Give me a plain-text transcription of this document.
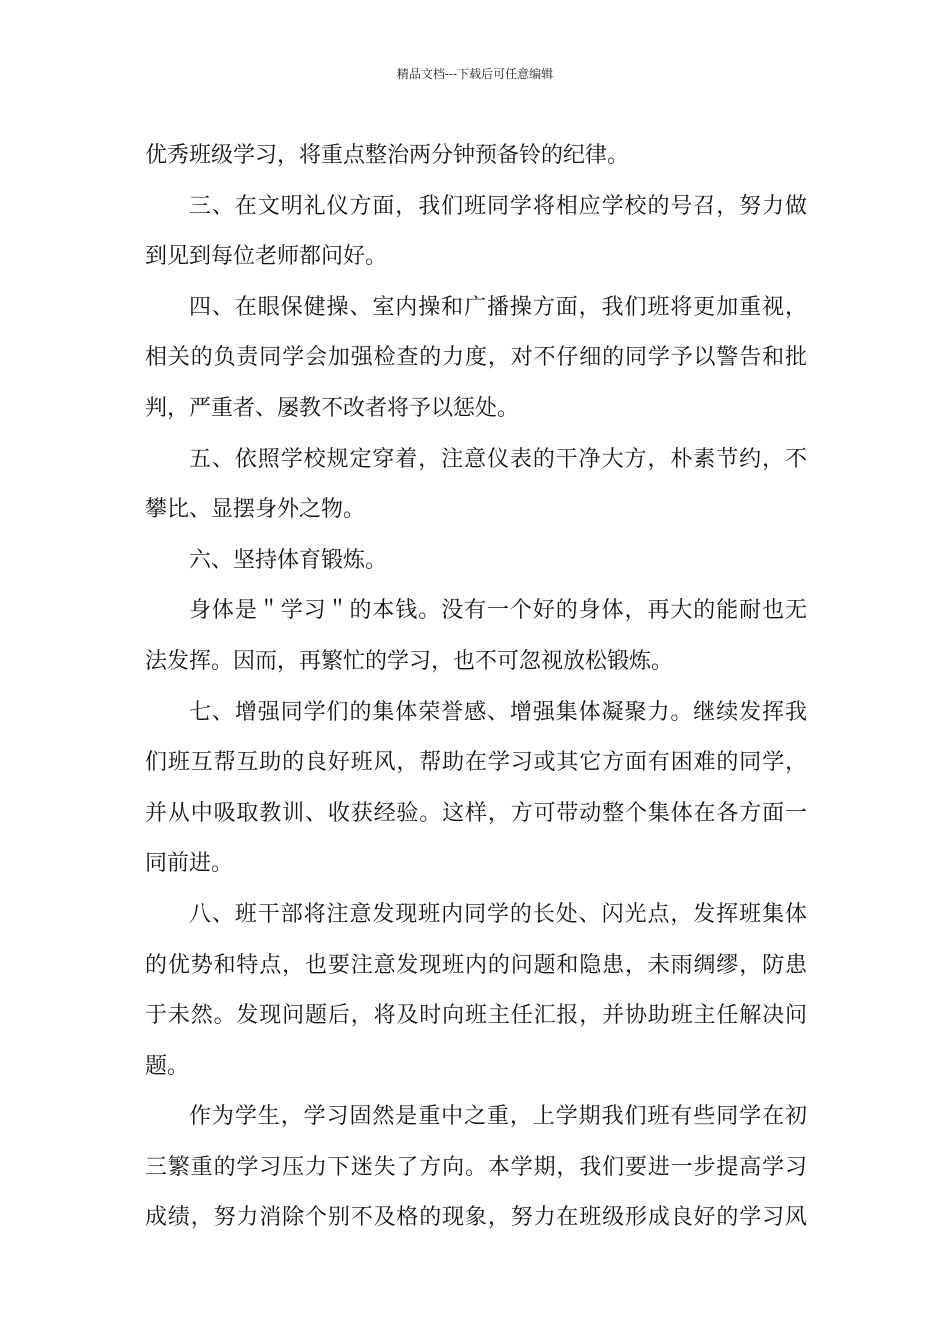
精品文档---下载后可任意编辑
优秀班级学习，将重点整治两分钟预备铃的纪律。
三、在文明礼仪方面，我们班同学将相应学校的号召，努力做
到见到每位老师都问好。
四、在眼保健操、室内操和广播操方面，我们班将更加重视，
相关的负责同学会加强检查的力度，对不仔细的同学予以警告和批
判，严重者、屡教不改者将予以惩处。
五、依照学校规定穿着，注意仪表的干净大方，朴素节约，不
攀比、显摆身外之物。
六、坚持体育锻炼。
身体是＂学习＂的本钱。没有一个好的身体，再大的能耐也无
法发挥。因而，再繁忙的学习，也不可忽视放松锻炼。
七、增强同学们的集体荣誉感、增强集体凝聚力。继续发挥我
们班互帮互助的良好班风，帮助在学习或其它方面有困难的同学，
并从中吸取教训、收获经验。这样，方可带动整个集体在各方面一
同前进。
八、班干部将注意发现班内同学的长处、闪光点，发挥班集体
的优势和特点，也要注意发现班内的问题和隐患，未雨绸缪，防患
于未然。发现问题后，将及时向班主任汇报，并协助班主任解决问
题。
作为学生，学习固然是重中之重，上学期我们班有些同学在初
三繁重的学习压力下迷失了方向。本学期，我们要进一步提高学习
成绩，努力消除个别不及格的现象，努力在班级形成良好的学习风
